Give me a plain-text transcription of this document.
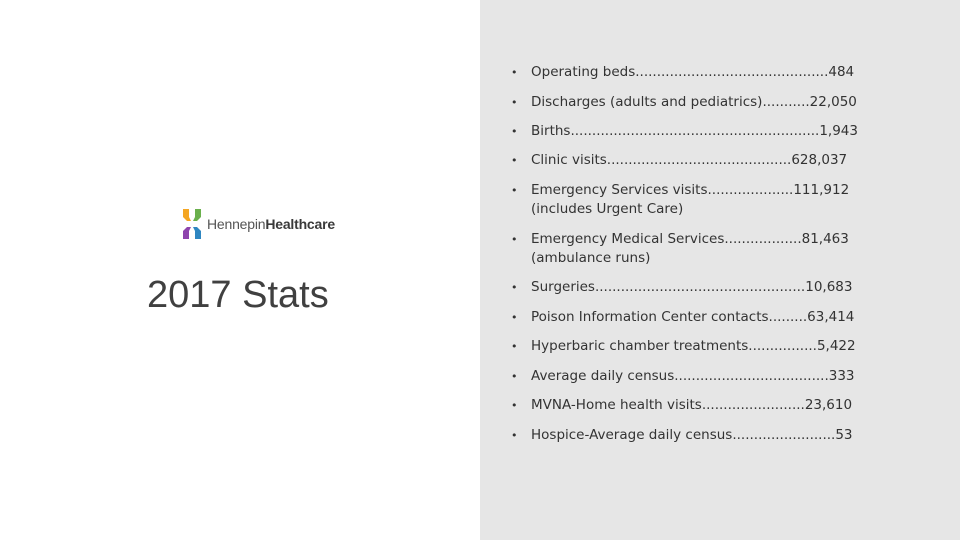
HennepinHealthcare
2017 Stats
• Operating beds.............................................484
• Discharges (adults and pediatrics)...........22,050
• Births..........................................................1,943
• Clinic visits...........................................628,037
• Emergency Services visits....................111,912
(includes Urgent Care)
• Emergency Medical Services..................81,463
(ambulance runs)
• Surgeries.................................................10,683
• Poison Information Center contacts.........63,414
• Hyperbaric chamber treatments................5,422
• Average daily census....................................333
• MVNA-Home health visits........................23,610
• Hospice-Average daily census........................53
